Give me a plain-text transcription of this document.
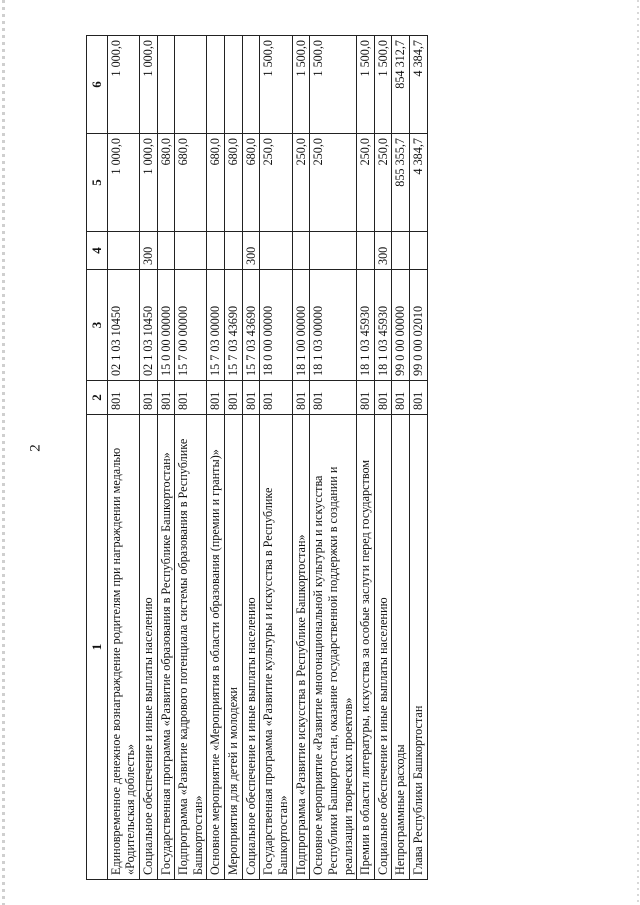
2
1	2	3	4	5	6
Единовременное денежное вознаграждение родителям при награждении медалью «Родительская доблесть»	801	02 1 03 10450		1 000,0	1 000,0
Социальное обеспечение и иные выплаты населению	801	02 1 03 10450	300	1 000,0	1 000,0
Государственная программа «Развитие образования в Республике Башкортостан»	801	15 0 00 00000		680,0	
Подпрограмма «Развитие кадрового потенциала системы образования в Республике Башкортостан»	801	15 7 00 00000		680,0	
Основное мероприятие «Мероприятия в области образования (премии и гранты)»	801	15 7 03 00000		680,0	
Мероприятия для детей и молодежи	801	15 7 03 43690		680,0	
Социальное обеспечение и иные выплаты населению	801	15 7 03 43690	300	680,0	
Государственная программа «Развитие культуры и искусства в Республике Башкортостан»	801	18 0 00 00000		250,0	1 500,0
Подпрограмма «Развитие искусства в Республике Башкортостан»	801	18 1 00 00000		250,0	1 500,0
Основное мероприятие «Развитие многонациональной культуры и искусства Республики Башкортостан, оказание государственной поддержки в создании и реализации творческих проектов»	801	18 1 03 00000		250,0	1 500,0
Премии в области литературы, искусства за особые заслуги перед государством	801	18 1 03 45930		250,0	1 500,0
Социальное обеспечение и иные выплаты населению	801	18 1 03 45930	300	250,0	1 500,0
Непрограммные расходы	801	99 0 00 00000		855 355,7	854 312,7
Глава Республики Башкортостан	801	99 0 00 02010		4 384,7	4 384,7
